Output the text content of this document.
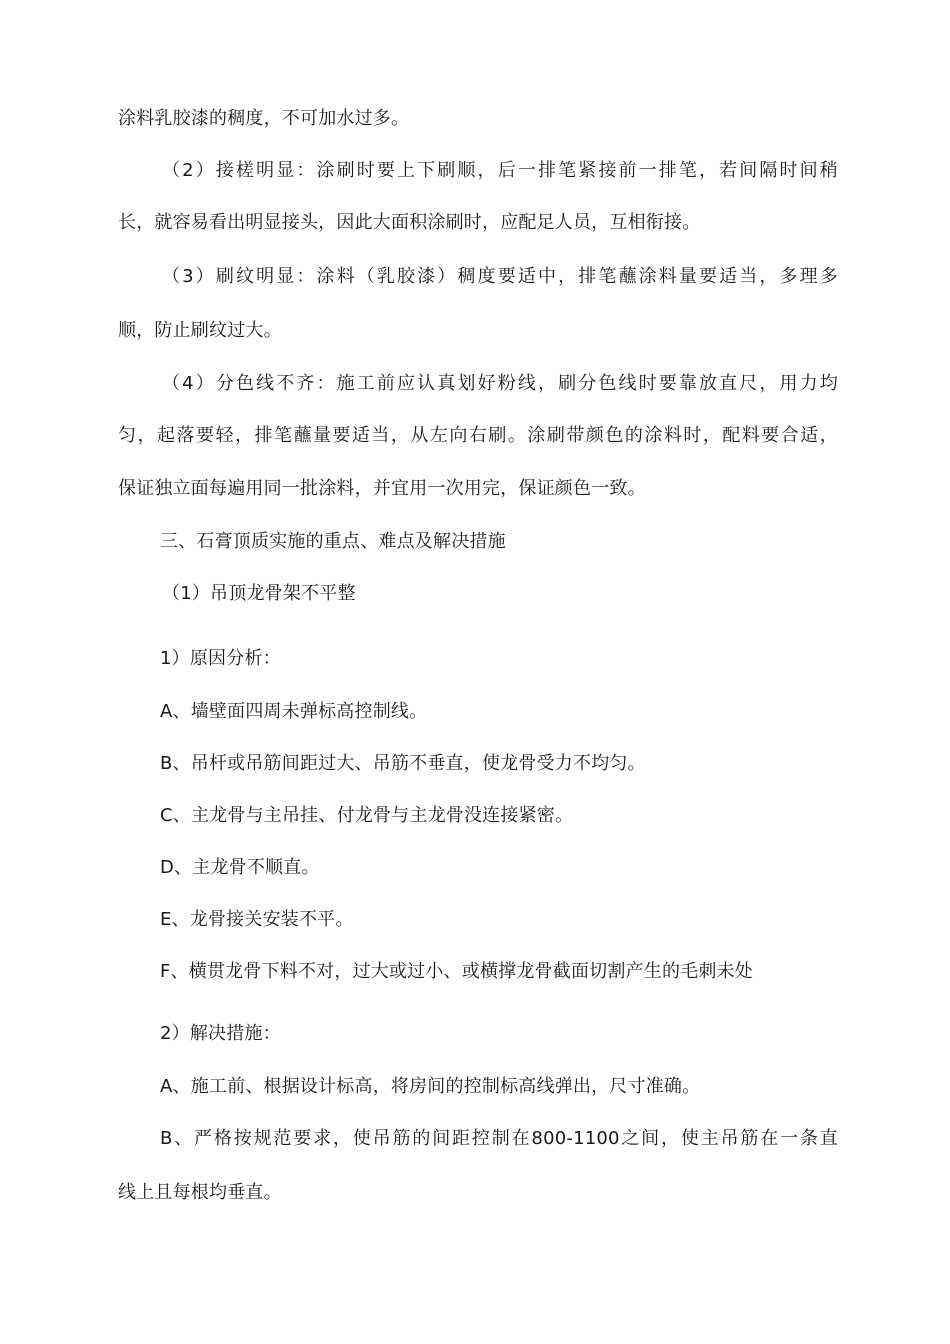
涂料乳胶漆的稠度，不可加水过多。
（2）接槎明显：涂刷时要上下刷顺，后一排笔紧接前一排笔，若间隔时间稍
长，就容易看出明显接头，因此大面积涂刷时，应配足人员，互相衔接。
（3）刷纹明显：涂料（乳胶漆）稠度要适中，排笔蘸涂料量要适当，多理多
顺，防止刷纹过大。
（4）分色线不齐：施工前应认真划好粉线，刷分色线时要靠放直尺，用力均
匀，起落要轻，排笔蘸量要适当，从左向右刷。涂刷带颜色的涂料时，配料要合适，
保证独立面每遍用同一批涂料，并宜用一次用完，保证颜色一致。
三、石膏顶质实施的重点、难点及解决措施
（1）吊顶龙骨架不平整
1）原因分析：
A、墙壁面四周未弹标高控制线。
B、吊杆或吊筋间距过大、吊筋不垂直，使龙骨受力不均匀。
C、主龙骨与主吊挂、付龙骨与主龙骨没连接紧密。
D、主龙骨不顺直。
E、龙骨接关安装不平。
F、横贯龙骨下料不对，过大或过小、或横撑龙骨截面切割产生的毛刺未处
2）解决措施：
A、施工前、根据设计标高，将房间的控制标高线弹出，尺寸准确。
B、严格按规范要求，使吊筋的间距控制在800-1100之间，使主吊筋在一条直
线上且每根均垂直。
